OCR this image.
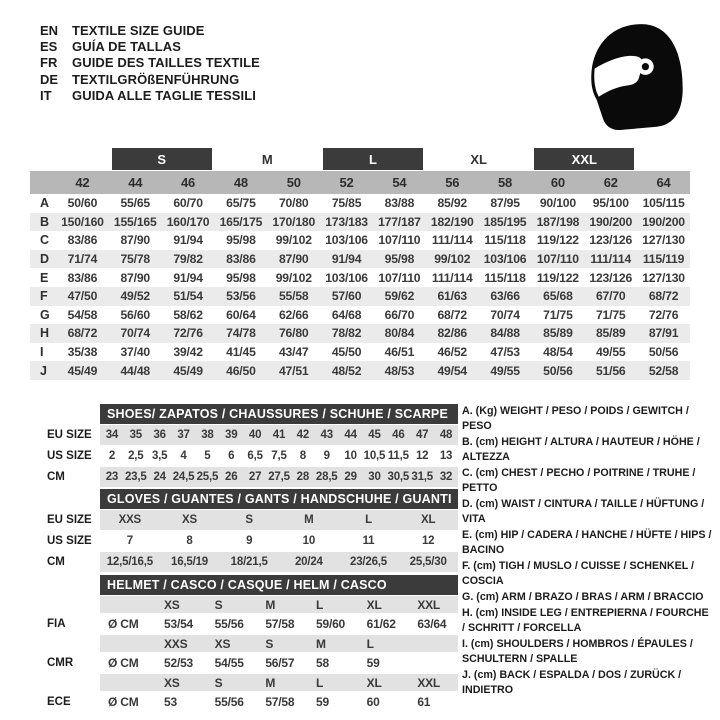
EN	TEXTILE SIZE GUIDE
ES	GUÍA DE TALLAS
FR	GUIDE DES TAILLES TEXTILE
DE	TEXTILGRÖßENFÜHRUNG
IT	GUIDA ALLE TAGLIE TESSILI
S	M	L	XL	XXL
42	44	46	48	50	52	54	56	58	60	62	64
A	50/60	55/65	60/70	65/75	70/80	75/85	83/88	85/92	87/95	90/100	95/100	105/115
B 150/160 155/165 160/170 165/175 170/180 173/183 177/187 182/190 185/195 187/198 190/200 190/200
C	83/86	87/90	91/94	95/98	99/102	103/106 107/110 111/114 115/118 119/122 123/126 127/130
D	71/74	75/78	79/82	83/86	87/90	91/94	95/98	99/102	103/106 107/110 111/114 115/119
E	83/86	87/90	91/94	95/98	99/102	103/106 107/110 111/114 115/118 119/122 123/126 127/130
F	47/50	49/52	51/54	53/56	55/58	57/60	59/62	61/63	63/66	65/68	67/70	68/72
G	54/58	56/60	58/62	60/64	62/66	64/68	66/70	68/72	70/74	71/75	71/75	72/76
H	68/72	70/74	72/76	74/78	76/80	78/82	80/84	82/86	84/88	85/89	85/89	87/91
I	35/38	37/40	39/42	41/45	43/47	45/50	46/51	46/52	47/53	48/54	49/55	50/56
J	45/49	44/48	45/49	46/50	47/51	48/52	48/53	49/54	49/55	50/56	51/56	52/58
SHOES/ ZAPATOS / CHAUSSURES / SCHUHE / SCARPE
EU SIZE	34 35 36 37 38 39 40 41 42 43 44 45 46 47 48
US SIZE	2	2,5 3,5	4	5	6	6,5 7,5	8	9	10 10,5 11,5 12 13
CM	23 23,5 24 24,5 25,5 26 27 27,5 28 28,5 29 30 30,5 31,5 32
GLOVES / GUANTES / GANTS / HANDSCHUHE / GUANTI
EU SIZE	XXS	XS	S	M	L	XL
US SIZE	7	8	9	10	11	12
CM	12,5/16,5	16,5/19	18/21,5	20/24	23/26,5	25,5/30
HELMET / CASCO / CASQUE / HELM / CASCO
XS	S	M	L	XL	XXL
FIA	Ø CM	53/54	55/56	57/58	59/60	61/62	63/64
XXS	XS	S	M	L
CMR	Ø CM	52/53	54/55	56/57	58	59
XS	S	M	L	XL	XXL
ECE	Ø CM	53	55/56	57/58	59	60	61
A. (Kg) WEIGHT / PESO / POIDS / GEWITCH / PESO
B. (cm) HEIGHT / ALTURA / HAUTEUR / HÖHE / ALTEZZA
C. (cm) CHEST / PECHO / POITRINE / TRUHE / PETTO
D. (cm) WAIST / CINTURA / TAILLE / HÜFTUNG / VITA
E. (cm) HIP / CADERA / HANCHE / HÜFTE / HIPS / BACINO
F. (cm) TIGH / MUSLO / CUISSE / SCHENKEL / COSCIA
G. (cm) ARM / BRAZO / BRAS / ARM / BRACCIO
H. (cm) INSIDE LEG / ENTREPIERNA / FOURCHE / SCHRITT / FORCELLA
I. (cm) SHOULDERS / HOMBROS / ÉPAULES / SCHULTERN / SPALLE
J. (cm) BACK / ESPALDA / DOS / ZURÜCK / INDIETRO
